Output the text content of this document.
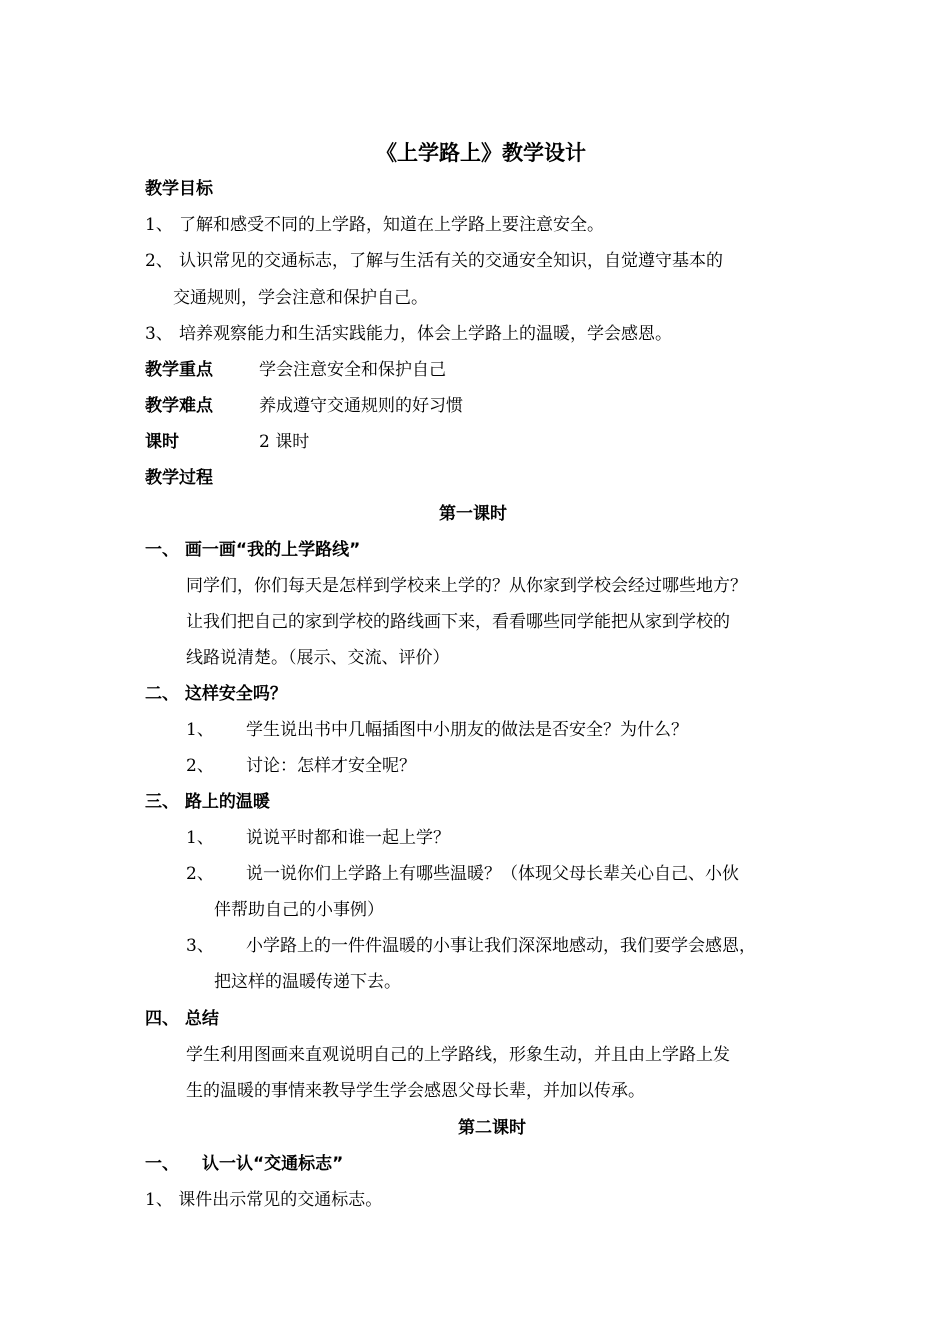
《上学路上》教学设计
教学目标
1、 了解和感受不同的上学路，知道在上学路上要注意安全。
2、 认识常见的交通标志，了解与生活有关的交通安全知识，自觉遵守基本的
交通规则，学会注意和保护自己。
3、 培养观察能力和生活实践能力，体会上学路上的温暖，学会感恩。
教学重点	学会注意安全和保护自己
教学难点	养成遵守交通规则的好习惯
课时	2 课时
教学过程
第一课时
一、 画一画“我的上学路线”
同学们，你们每天是怎样到学校来上学的？从你家到学校会经过哪些地方？
让我们把自己的家到学校的路线画下来，看看哪些同学能把从家到学校的
线路说清楚。（展示、交流、评价）
二、 这样安全吗？
1、 学生说出书中几幅插图中小朋友的做法是否安全？为什么？
2、 讨论：怎样才安全呢？
三、 路上的温暖
1、 说说平时都和谁一起上学？
2、 说一说你们上学路上有哪些温暖？（体现父母长辈关心自己、小伙
伴帮助自己的小事例）
3、 小学路上的一件件温暖的小事让我们深深地感动，我们要学会感恩，
把这样的温暖传递下去。
四、 总结
学生利用图画来直观说明自己的上学路线，形象生动，并且由上学路上发
生的温暖的事情来教导学生学会感恩父母长辈，并加以传承。
第二课时
一、 认一认“交通标志”
1、 课件出示常见的交通标志。
